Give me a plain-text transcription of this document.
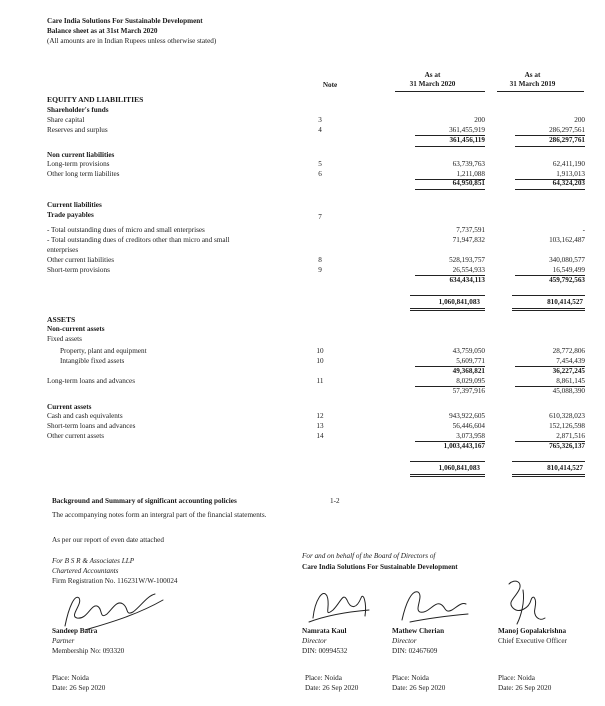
Care India Solutions For Sustainable Development
Balance sheet as at 31st March 2020
(All amounts are in Indian Rupees unless otherwise stated)
Note
As at
31 March 2020
As at
31 March 2019
EQUITY AND LIABILITIES
Shareholder's funds
Share capital	3	200	200
Reserves and surplus	4	361,455,919	286,297,561
361,456,119	286,297,761
Non current liabilities
Long-term provisions	5	63,739,763	62,411,190
Other long term liabilites	6	1,211,088	1,913,013
64,950,851	64,324,203
Current liabilities
Trade payables	7
- Total outstanding dues of micro and small enterprises	7,737,591	-
- Total outstanding dues of creditors other than micro and small
enterprises
71,947,832	103,162,487
Other current liabilities	8	528,193,757	340,080,577
Short-term provisions	9	26,554,933	16,549,499
634,434,113	459,792,563
1,060,841,083	810,414,527
ASSETS
Non-current assets
Fixed assets
Property, plant and equipment	10	43,759,050	28,772,806
Intangible fixed assets	10	5,609,771	7,454,439
49,368,821	36,227,245
Long-term loans and advances	11	8,029,095	8,861,145
57,397,916	45,088,390
Current assets
Cash and cash equivalents	12	943,922,605	610,328,023
Short-term loans and advances	13	56,446,604	152,126,598
Other current assets	14	3,073,958	2,871,516
1,003,443,167	765,326,137
1,060,841,083	810,414,527
Background and Summary of significant accounting policies	1-2
The accompanying notes form an intergral part of the financial statements.
As per our report of even date attached
For B S R & Associates LLP
Chartered Accountants
Firm Registration No. 116231W/W-100024
For and on behalf of the Board of Directors of
Care India Solutions For Sustainable Development
Sandeep Batra
Partner
Membership No: 093320
Place: Noida
Date: 26 Sep 2020
Namrata Kaul
Director
DIN: 00994532
Place: Noida
Date: 26 Sep 2020
Mathew Cherian
Director
DIN: 02467609
Place: Noida
Date: 26 Sep 2020
Manoj Gopalakrishna
Chief Executive Officer
Place: Noida
Date: 26 Sep 2020
